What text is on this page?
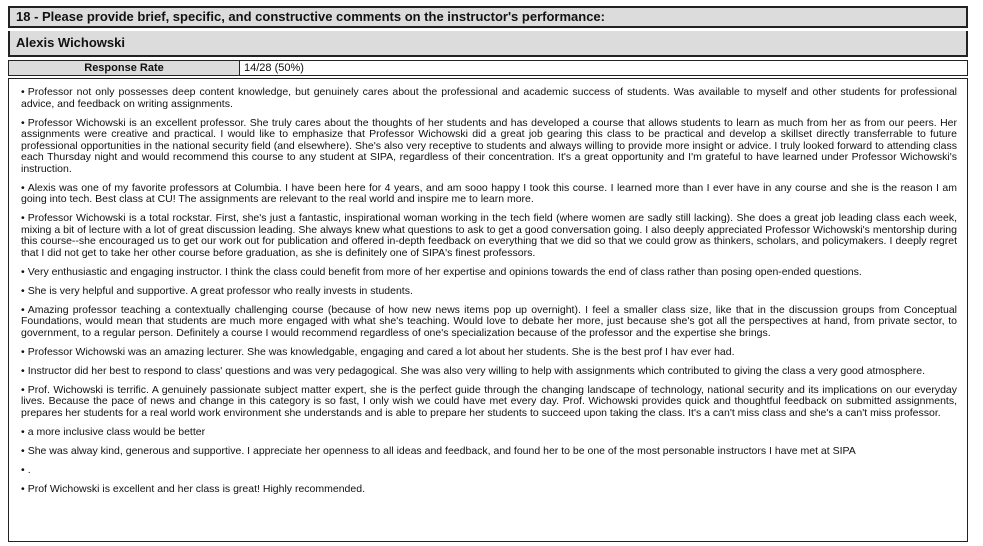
18 - Please provide brief, specific, and constructive comments on the instructor's performance:
Alexis Wichowski
Response Rate	14/28 (50%)

• Professor not only possesses deep content knowledge, but genuinely cares about the professional and academic success of students. Was available to myself and other students for professional advice, and feedback on writing assignments.

• Professor Wichowski is an excellent professor. She truly cares about the thoughts of her students and has developed a course that allows students to learn as much from her as from our peers. Her assignments were creative and practical. I would like to emphasize that Professor Wichowski did a great job gearing this class to be practical and develop a skillset directly transferrable to future professional opportunities in the national security field (and elsewhere). She's also very receptive to students and always willing to provide more insight or advice. I truly looked forward to attending class each Thursday night and would recommend this course to any student at SIPA, regardless of their concentration. It's a great opportunity and I'm grateful to have learned under Professor Wichowski's instruction.

• Alexis was one of my favorite professors at Columbia. I have been here for 4 years, and am sooo happy I took this course. I learned more than I ever have in any course and she is the reason I am going into tech. Best class at CU! The assignments are relevant to the real world and inspire me to learn more.

• Professor Wichowski is a total rockstar. First, she's just a fantastic, inspirational woman working in the tech field (where women are sadly still lacking). She does a great job leading class each week, mixing a bit of lecture with a lot of great discussion leading. She always knew what questions to ask to get a good conversation going. I also deeply appreciated Professor Wichowski's mentorship during this course--she encouraged us to get our work out for publication and offered in-depth feedback on everything that we did so that we could grow as thinkers, scholars, and policymakers. I deeply regret that I did not get to take her other course before graduation, as she is definitely one of SIPA's finest professors.

• Very enthusiastic and engaging instructor. I think the class could benefit from more of her expertise and opinions towards the end of class rather than posing open-ended questions.

• She is very helpful and supportive. A great professor who really invests in students.

• Amazing professor teaching a contextually challenging course (because of how new news items pop up overnight). I feel a smaller class size, like that in the discussion groups from Conceptual Foundations, would mean that students are much more engaged with what she's teaching. Would love to debate her more, just because she's got all the perspectives at hand, from private sector, to government, to a regular person. Definitely a course I would recommend regardless of one's specialization because of the professor and the expertise she brings.

• Professor Wichowski was an amazing lecturer. She was knowledgable, engaging and cared a lot about her students. She is the best prof I hav ever had.

• Instructor did her best to respond to class' questions and was very pedagogical. She was also very willing to help with assignments which contributed to giving the class a very good atmosphere.

• Prof. Wichowski is terrific. A genuinely passionate subject matter expert, she is the perfect guide through the changing landscape of technology, national security and its implications on our everyday lives. Because the pace of news and change in this category is so fast, I only wish we could have met every day. Prof. Wichowski provides quick and thoughtful feedback on submitted assignments, prepares her students for a real world work environment she understands and is able to prepare her students to succeed upon taking the class. It's a can't miss class and she's a can't miss professor.

• a more inclusive class would be better

• She was alway kind, generous and supportive. I appreciate her openness to all ideas and feedback, and found her to be one of the most personable instructors I have met at SIPA

• .

• Prof Wichowski is excellent and her class is great! Highly recommended.
